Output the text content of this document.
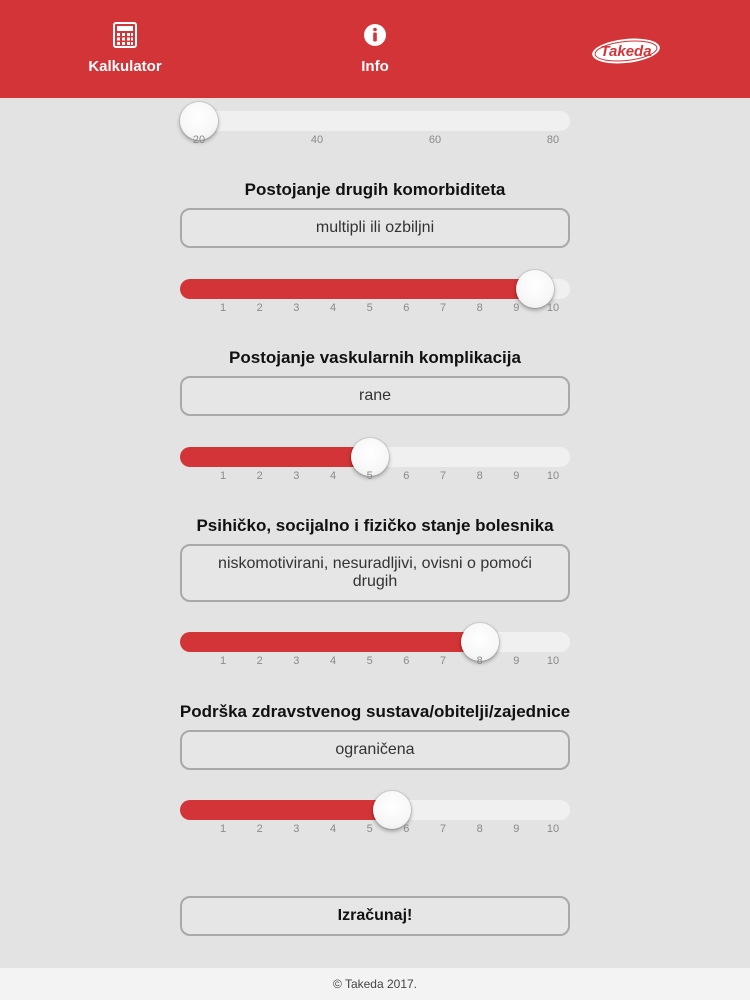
Kalkulator	Info
Takeda
20	40	60	80
Postojanje drugih komorbiditeta
multipli ili ozbiljni
1	2	3	4	5	6	7	8	9 10
Postojanje vaskularnih komplikacija
rane
1	2	3	4	5	6	7	8	9 10
Psihičko, socijalno i fizičko stanje bolesnika
niskomotivirani, nesuradljivi, ovisni o pomoći drugih
1	2	3	4	5	6	7	8	9 10
Podrška zdravstvenog sustava/obitelji/zajednice
ograničena
1	2	3	4	5	6	7	8	9 10
Izračunaj!
© Takeda 2017.
